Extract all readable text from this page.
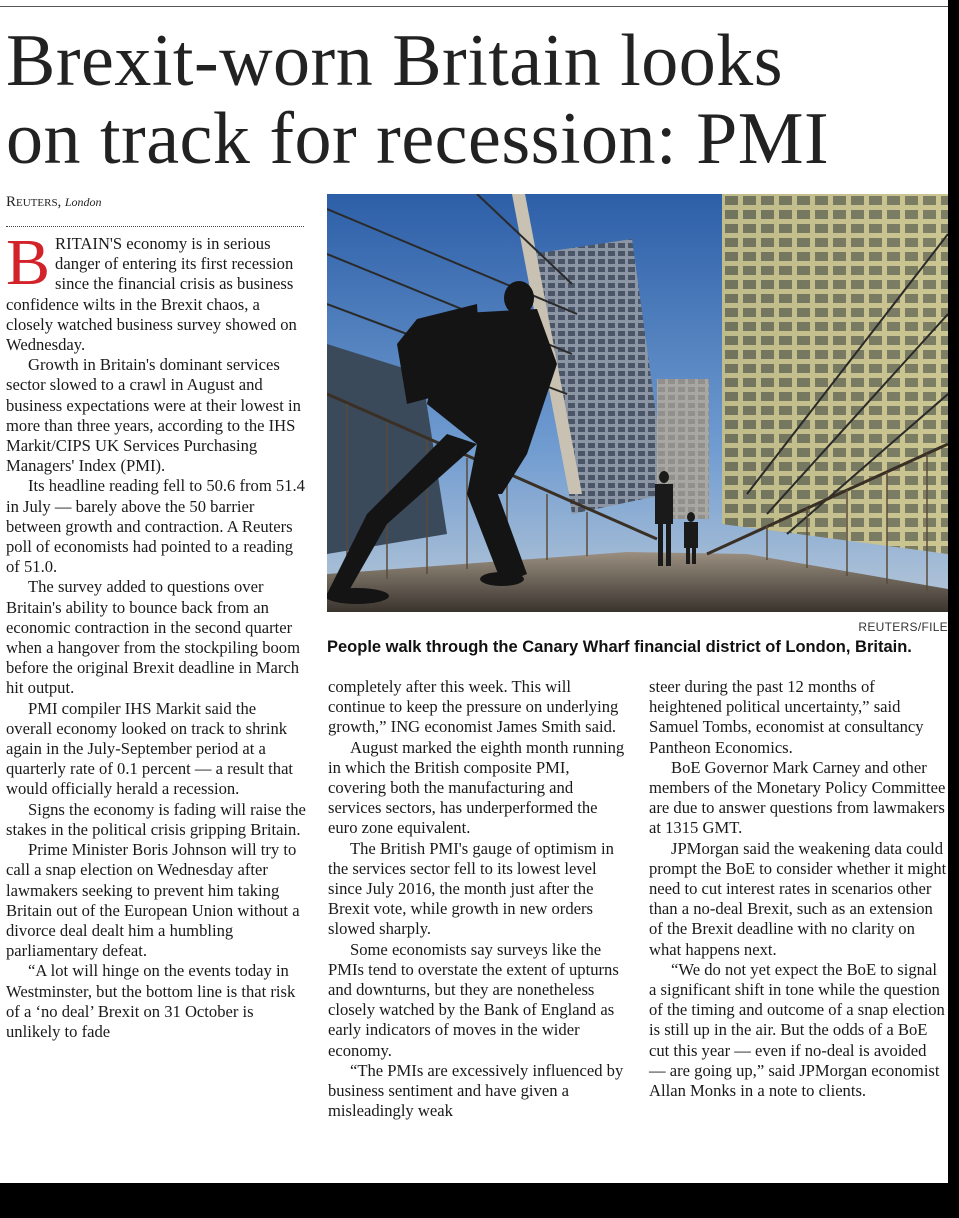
Brexit-worn Britain looks
on track for recession: PMI
Reuters, London

BRITAIN'S economy is in serious danger of entering its first recession since the financial crisis as business confidence wilts in the Brexit chaos, a closely watched business survey showed on Wednesday.

Growth in Britain's dominant services sector slowed to a crawl in August and business expectations were at their lowest in more than three years, according to the IHS Markit/CIPS UK Services Purchasing Managers' Index (PMI).

Its headline reading fell to 50.6 from 51.4 in July — barely above the 50 barrier between growth and contraction. A Reuters poll of economists had pointed to a reading of 51.0.

The survey added to questions over Britain's ability to bounce back from an economic contraction in the second quarter when a hangover from the stockpiling boom before the original Brexit deadline in March hit output.

PMI compiler IHS Markit said the overall economy looked on track to shrink again in the July-September period at a quarterly rate of 0.1 percent — a result that would officially herald a recession.

Signs the economy is fading will raise the stakes in the political crisis gripping Britain.

Prime Minister Boris Johnson will try to call a snap election on Wednesday after lawmakers seeking to prevent him taking Britain out of the European Union without a divorce deal dealt him a humbling parliamentary defeat.

“A lot will hinge on the events today in Westminster, but the bottom line is that risk of a ‘no deal’ Brexit on 31 October is unlikely to fade

REUTERS/FILE
People walk through the Canary Wharf financial district of London, Britain.

completely after this week. This will continue to keep the pressure on underlying growth,” ING economist James Smith said.

August marked the eighth month running in which the British composite PMI, covering both the manufacturing and services sectors, has underperformed the euro zone equivalent.

The British PMI's gauge of optimism in the services sector fell to its lowest level since July 2016, the month just after the Brexit vote, while growth in new orders slowed sharply.

Some economists say surveys like the PMIs tend to overstate the extent of upturns and downturns, but they are nonetheless closely watched by the Bank of England as early indicators of moves in the wider economy.

“The PMIs are excessively influenced by business sentiment and have given a misleadingly weak

steer during the past 12 months of heightened political uncertainty,” said Samuel Tombs, economist at consultancy Pantheon Economics.

BoE Governor Mark Carney and other members of the Monetary Policy Committee are due to answer questions from lawmakers at 1315 GMT.

JPMorgan said the weakening data could prompt the BoE to consider whether it might need to cut interest rates in scenarios other than a no-deal Brexit, such as an extension of the Brexit deadline with no clarity on what happens next.

“We do not yet expect the BoE to signal a significant shift in tone while the question of the timing and outcome of a snap election is still up in the air. But the odds of a BoE cut this year — even if no-deal is avoided — are going up,” said JPMorgan economist Allan Monks in a note to clients.
